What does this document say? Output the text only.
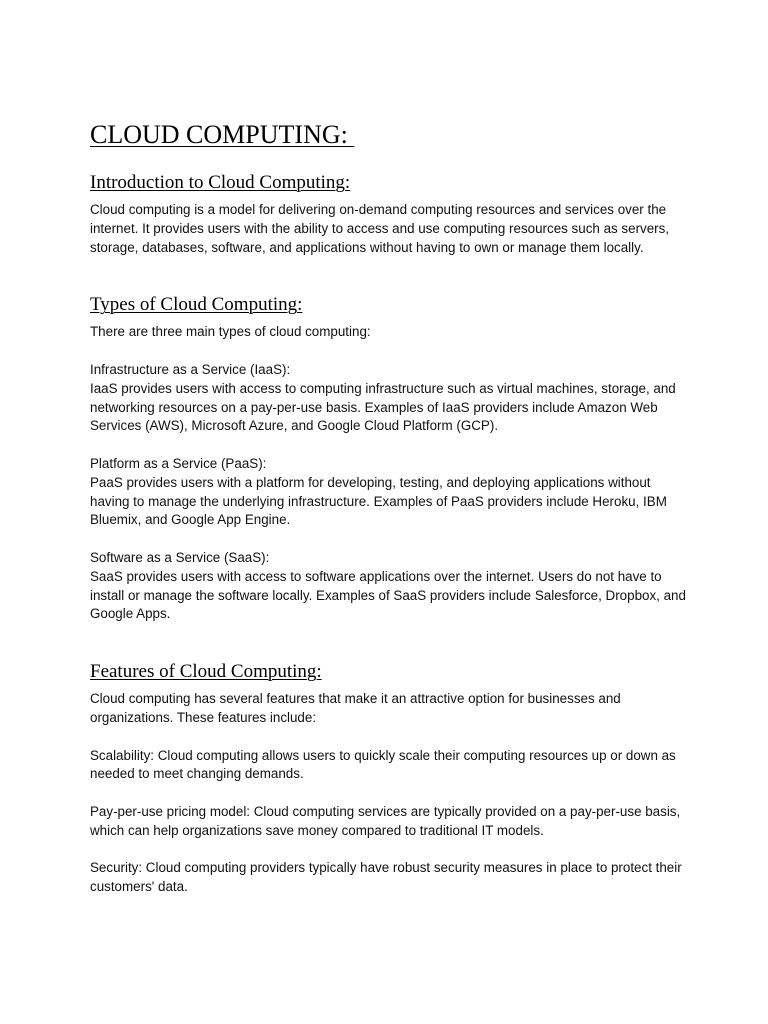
CLOUD COMPUTING:
Introduction to Cloud Computing:

Cloud computing is a model for delivering on-demand computing resources and services over the internet. It provides users with the ability to access and use computing resources such as servers, storage, databases, software, and applications without having to own or manage them locally.

Types of Cloud Computing:

There are three main types of cloud computing:

Infrastructure as a Service (IaaS):
IaaS provides users with access to computing infrastructure such as virtual machines, storage, and networking resources on a pay-per-use basis. Examples of IaaS providers include Amazon Web Services (AWS), Microsoft Azure, and Google Cloud Platform (GCP).

Platform as a Service (PaaS):
PaaS provides users with a platform for developing, testing, and deploying applications without having to manage the underlying infrastructure. Examples of PaaS providers include Heroku, IBM Bluemix, and Google App Engine.

Software as a Service (SaaS):
SaaS provides users with access to software applications over the internet. Users do not have to install or manage the software locally. Examples of SaaS providers include Salesforce, Dropbox, and Google Apps.

Features of Cloud Computing:

Cloud computing has several features that make it an attractive option for businesses and organizations. These features include:

Scalability: Cloud computing allows users to quickly scale their computing resources up or down as needed to meet changing demands.

Pay-per-use pricing model: Cloud computing services are typically provided on a pay-per-use basis, which can help organizations save money compared to traditional IT models.

Security: Cloud computing providers typically have robust security measures in place to protect their customers' data.
